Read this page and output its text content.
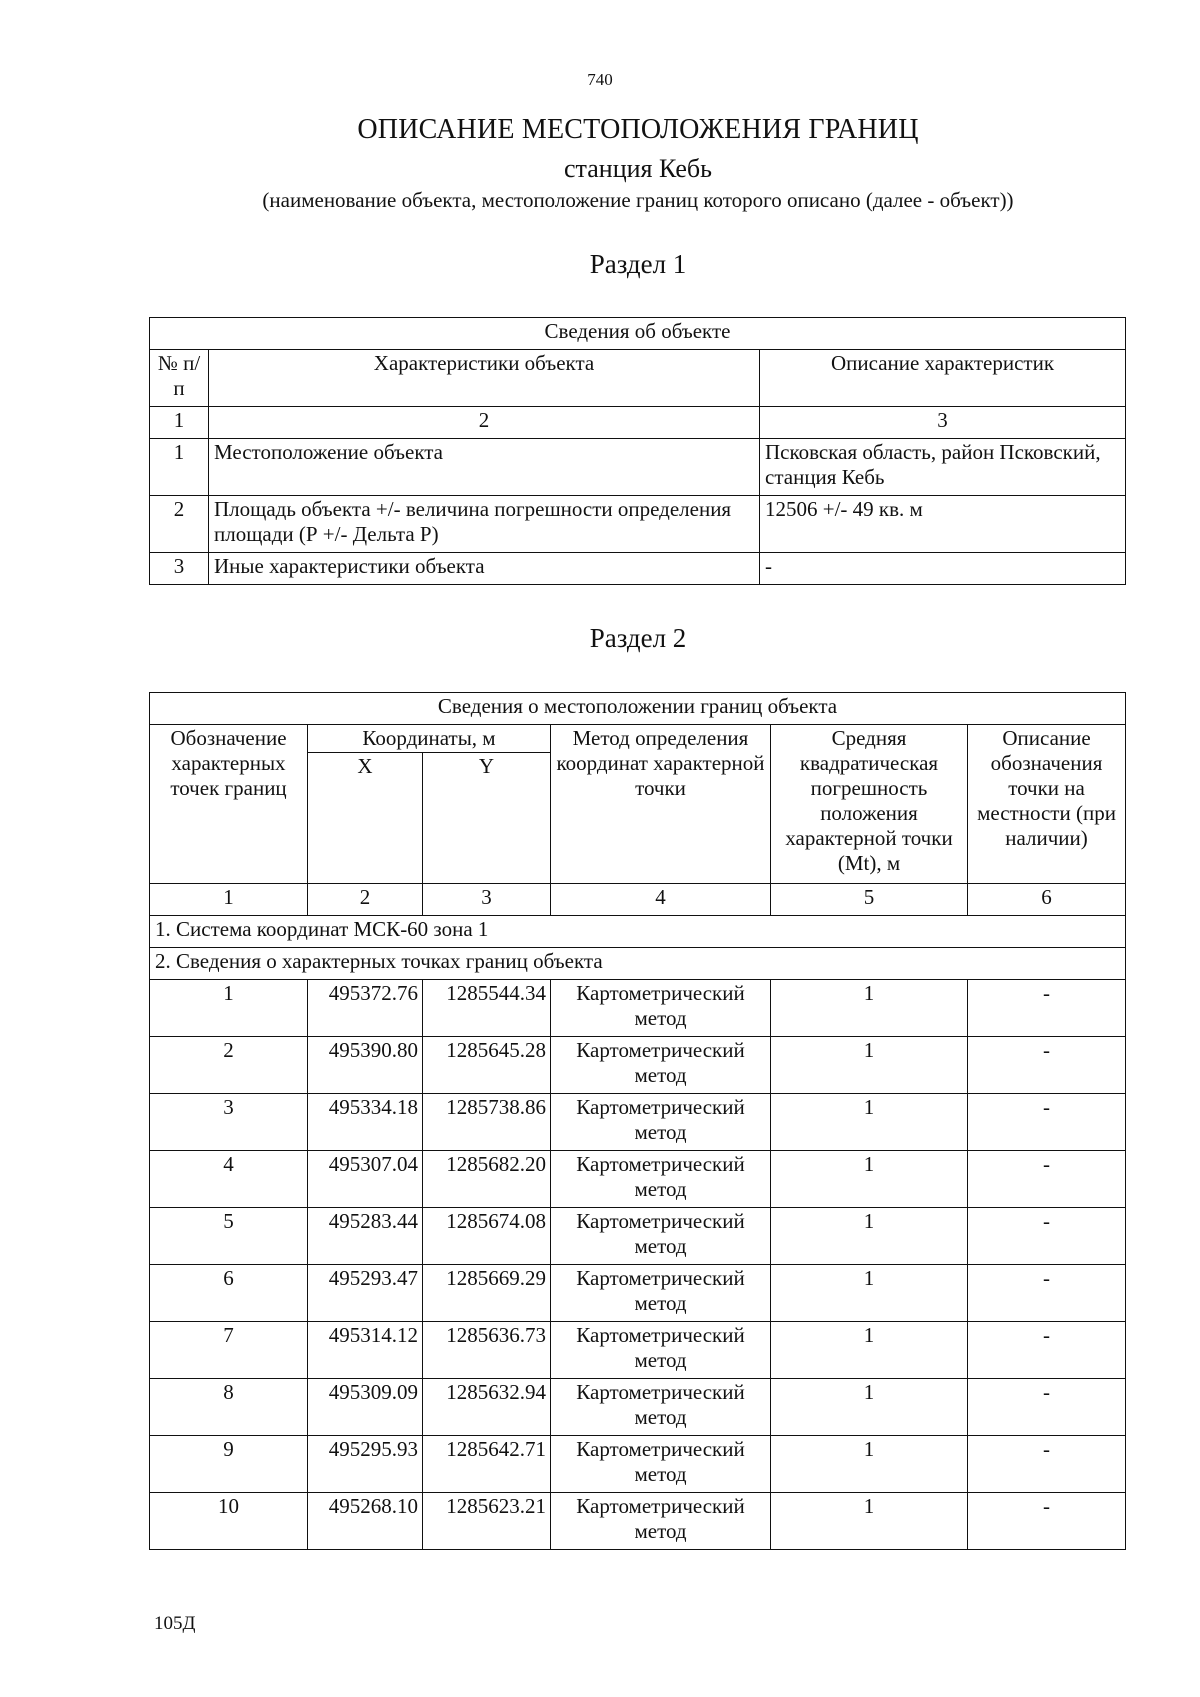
740
ОПИСАНИЕ МЕСТОПОЛОЖЕНИЯ ГРАНИЦ
станция Кебь
(наименование объекта, местоположение границ которого описано (далее - объект))
Раздел 1
Сведения об объекте		
№ п/п	Характеристики объекта	Описание характеристик
1	2	3
1	Местоположение объекта	Псковская область, район Псковский, станция Кебь
2	Площадь объекта +/- величина погрешности определения площади (Р +/- Дельта Р)	12506 +/- 49 кв. м
3	Иные характеристики объекта	-
Раздел 2
Сведения о местоположении границ объекта					
Обозначение характерных точек границ	Координаты, м		Метод определения координат характерной точки	Средняя квадратическая погрешность положения характерной точки (Mt), м	Описание обозначения точки на местности (при наличии)
	X	Y			
1	2	3	4	5	6
1. Система координат МСК-60 зона 1					
2. Сведения о характерных точках границ объекта					
1	495372.76	1285544.34	Картометрический метод	1	-
2	495390.80	1285645.28	Картометрический метод	1	-
3	495334.18	1285738.86	Картометрический метод	1	-
4	495307.04	1285682.20	Картометрический метод	1	-
5	495283.44	1285674.08	Картометрический метод	1	-
6	495293.47	1285669.29	Картометрический метод	1	-
7	495314.12	1285636.73	Картометрический метод	1	-
8	495309.09	1285632.94	Картометрический метод	1	-
9	495295.93	1285642.71	Картометрический метод	1	-
10	495268.10	1285623.21	Картометрический метод	1	-
105Д
